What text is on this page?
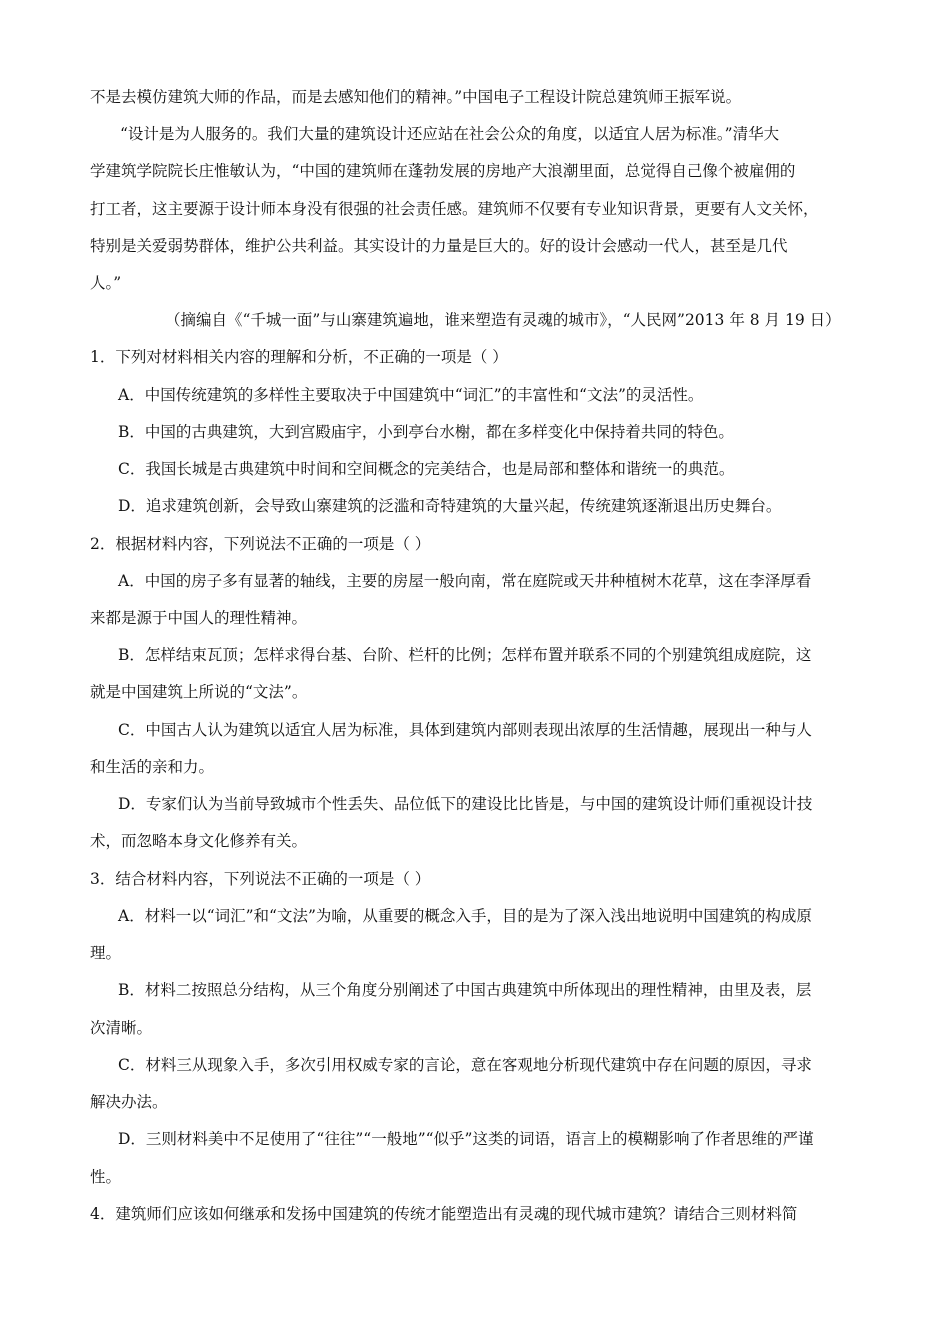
不是去模仿建筑大师的作品，而是去感知他们的精神。”中国电子工程设计院总建筑师王振军说。
“设计是为人服务的。我们大量的建筑设计还应站在社会公众的角度，以适宜人居为标准。”清华大
学建筑学院院长庄惟敏认为，“中国的建筑师在蓬勃发展的房地产大浪潮里面，总觉得自己像个被雇佣的
打工者，这主要源于设计师本身没有很强的社会责任感。建筑师不仅要有专业知识背景，更要有人文关怀，
特别是关爱弱势群体，维护公共利益。其实设计的力量是巨大的。好的设计会感动一代人，甚至是几代
人。”
（摘编自《“千城一面”与山寨建筑遍地，谁来塑造有灵魂的城市》，“人民网”2013 年 8 月 19 日）
1．下列对材料相关内容的理解和分析，不正确的一项是（ ）
A．中国传统建筑的多样性主要取决于中国建筑中“词汇”的丰富性和“文法”的灵活性。
B．中国的古典建筑，大到宫殿庙宇，小到亭台水榭，都在多样变化中保持着共同的特色。
C．我国长城是古典建筑中时间和空间概念的完美结合，也是局部和整体和谐统一的典范。
D．追求建筑创新，会导致山寨建筑的泛滥和奇特建筑的大量兴起，传统建筑逐渐退出历史舞台。
2．根据材料内容，下列说法不正确的一项是（ ）
A．中国的房子多有显著的轴线，主要的房屋一般向南，常在庭院或天井种植树木花草，这在李泽厚看
来都是源于中国人的理性精神。
B．怎样结束瓦顶；怎样求得台基、台阶、栏杆的比例；怎样布置并联系不同的个别建筑组成庭院，这
就是中国建筑上所说的“文法”。
C．中国古人认为建筑以适宜人居为标准，具体到建筑内部则表现出浓厚的生活情趣，展现出一种与人
和生活的亲和力。
D．专家们认为当前导致城市个性丢失、品位低下的建设比比皆是，与中国的建筑设计师们重视设计技
术，而忽略本身文化修养有关。
3．结合材料内容，下列说法不正确的一项是（ ）
A．材料一以“词汇”和“文法”为喻，从重要的概念入手，目的是为了深入浅出地说明中国建筑的构成原
理。
B．材料二按照总分结构，从三个角度分别阐述了中国古典建筑中所体现出的理性精神，由里及表，层
次清晰。
C．材料三从现象入手，多次引用权威专家的言论，意在客观地分析现代建筑中存在问题的原因，寻求
解决办法。
D．三则材料美中不足使用了“往往”“一般地”“似乎”这类的词语，语言上的模糊影响了作者思维的严谨
性。
4．建筑师们应该如何继承和发扬中国建筑的传统才能塑造出有灵魂的现代城市建筑？请结合三则材料简
